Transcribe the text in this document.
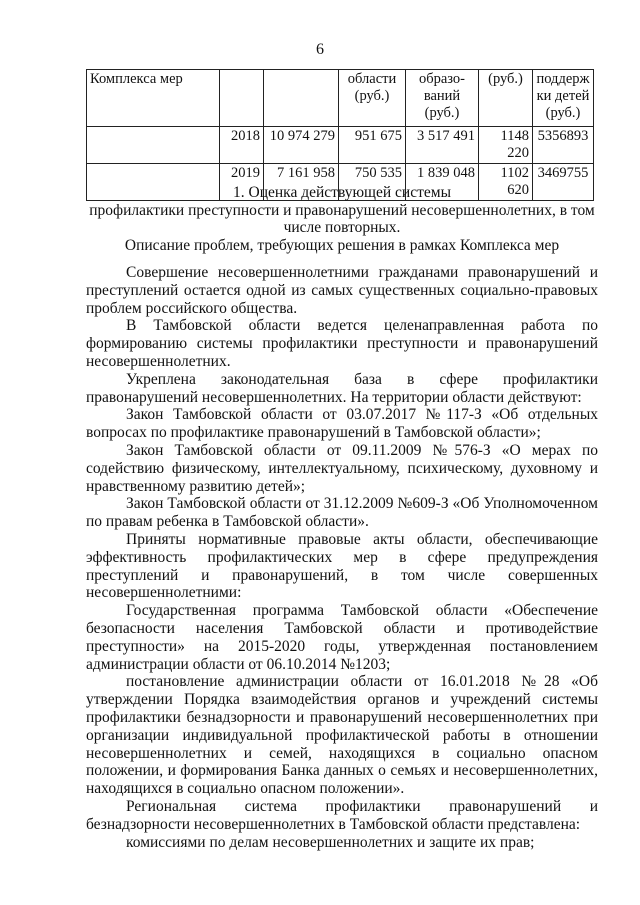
6
Комплекса мер			области (руб.)	образо-ваний (руб.)	(руб.)	поддерж ки детей (руб.)
	2018	10 974 279	951 675	3 517 491	1148 220	5356893
	2019	7 161 958	750 535	1 839 048	1102 620	3469755
1. Оценка действующей системы
профилактики преступности и правонарушений несовершеннолетних, в том числе повторных.
Описание проблем, требующих решения в рамках Комплекса мер

Совершение несовершеннолетними гражданами правонарушений и преступлений остается одной из самых существенных социально-правовых проблем российского общества.

В Тамбовской области ведется целенаправленная работа по формированию системы профилактики преступности и правонарушений несовершеннолетних.

Укреплена законодательная база в сфере профилактики правонарушений несовершеннолетних. На территории области действуют:

Закон Тамбовской области от 03.07.2017 №117-З «Об отдельных вопросах по профилактике правонарушений в Тамбовской области»;

Закон Тамбовской области от 09.11.2009 №576-З «О мерах по содействию физическому, интеллектуальному, психическому, духовному и нравственному развитию детей»;

Закон Тамбовской области от 31.12.2009 №609-З «Об Уполномоченном по правам ребенка в Тамбовской области».

Приняты нормативные правовые акты области, обеспечивающие эффективность профилактических мер в сфере предупреждения преступлений и правонарушений, в том числе совершенных несовершеннолетними:

Государственная программа Тамбовской области «Обеспечение безопасности населения Тамбовской области и противодействие преступности» на 2015-2020 годы, утвержденная постановлением администрации области от 06.10.2014 №1203;

постановление администрации области от 16.01.2018 №28 «Об утверждении Порядка взаимодействия органов и учреждений системы профилактики безнадзорности и правонарушений несовершеннолетних при организации индивидуальной профилактической работы в отношении несовершеннолетних и семей, находящихся в социально опасном положении, и формирования Банка данных о семьях и несовершеннолетних, находящихся в социально опасном положении».

Региональная система профилактики правонарушений и безнадзорности несовершеннолетних в Тамбовской области представлена:

комиссиями по делам несовершеннолетних и защите их прав;
